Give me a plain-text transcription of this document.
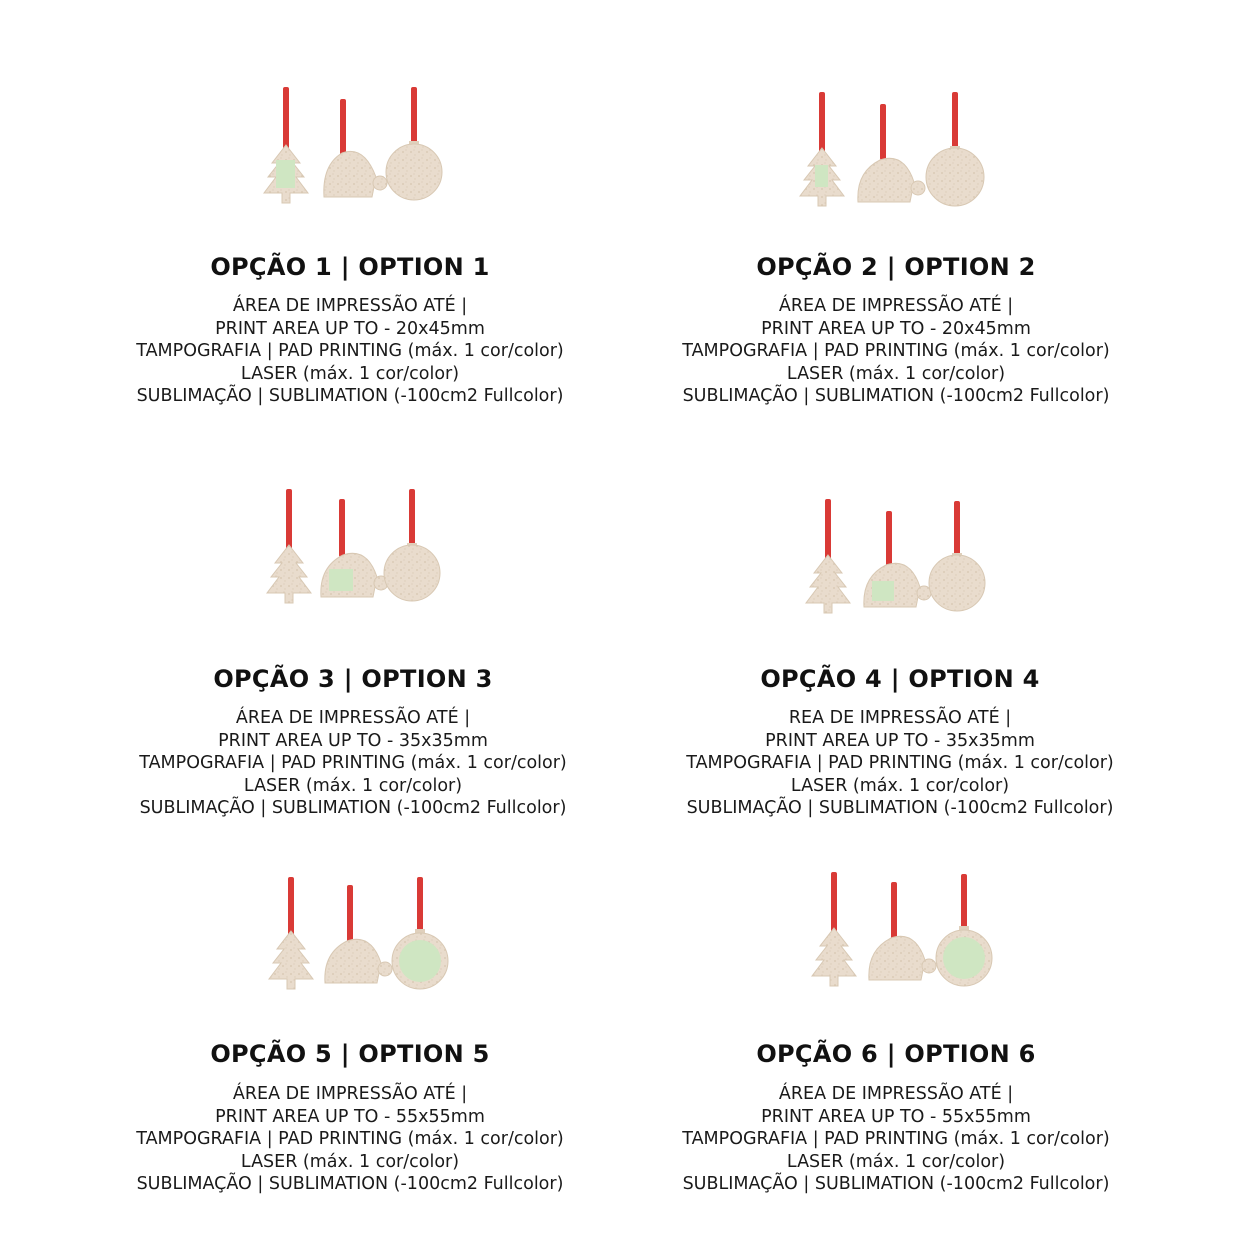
OPÇÃO 1 | OPTION 1
ÁREA DE IMPRESSÃO ATÉ |
PRINT AREA UP TO - 20x45mm
TAMPOGRAFIA | PAD PRINTING (máx. 1 cor/color)
LASER (máx. 1 cor/color)
SUBLIMAÇÃO | SUBLIMATION (-100cm2 Fullcolor)
OPÇÃO 2 | OPTION 2
ÁREA DE IMPRESSÃO ATÉ |
PRINT AREA UP TO - 20x45mm
TAMPOGRAFIA | PAD PRINTING (máx. 1 cor/color)
LASER (máx. 1 cor/color)
SUBLIMAÇÃO | SUBLIMATION (-100cm2 Fullcolor)
OPÇÃO 3 | OPTION 3
ÁREA DE IMPRESSÃO ATÉ |
PRINT AREA UP TO - 35x35mm
TAMPOGRAFIA | PAD PRINTING (máx. 1 cor/color)
LASER (máx. 1 cor/color)
SUBLIMAÇÃO | SUBLIMATION (-100cm2 Fullcolor)
OPÇÃO 4 | OPTION 4
REA DE IMPRESSÃO ATÉ |
PRINT AREA UP TO - 35x35mm
TAMPOGRAFIA | PAD PRINTING (máx. 1 cor/color)
LASER (máx. 1 cor/color)
SUBLIMAÇÃO | SUBLIMATION (-100cm2 Fullcolor)
OPÇÃO 5 | OPTION 5
ÁREA DE IMPRESSÃO ATÉ |
PRINT AREA UP TO - 55x55mm
TAMPOGRAFIA | PAD PRINTING (máx. 1 cor/color)
LASER (máx. 1 cor/color)
SUBLIMAÇÃO | SUBLIMATION (-100cm2 Fullcolor)
OPÇÃO 6 | OPTION 6
ÁREA DE IMPRESSÃO ATÉ |
PRINT AREA UP TO - 55x55mm
TAMPOGRAFIA | PAD PRINTING (máx. 1 cor/color)
LASER (máx. 1 cor/color)
SUBLIMAÇÃO | SUBLIMATION (-100cm2 Fullcolor)
